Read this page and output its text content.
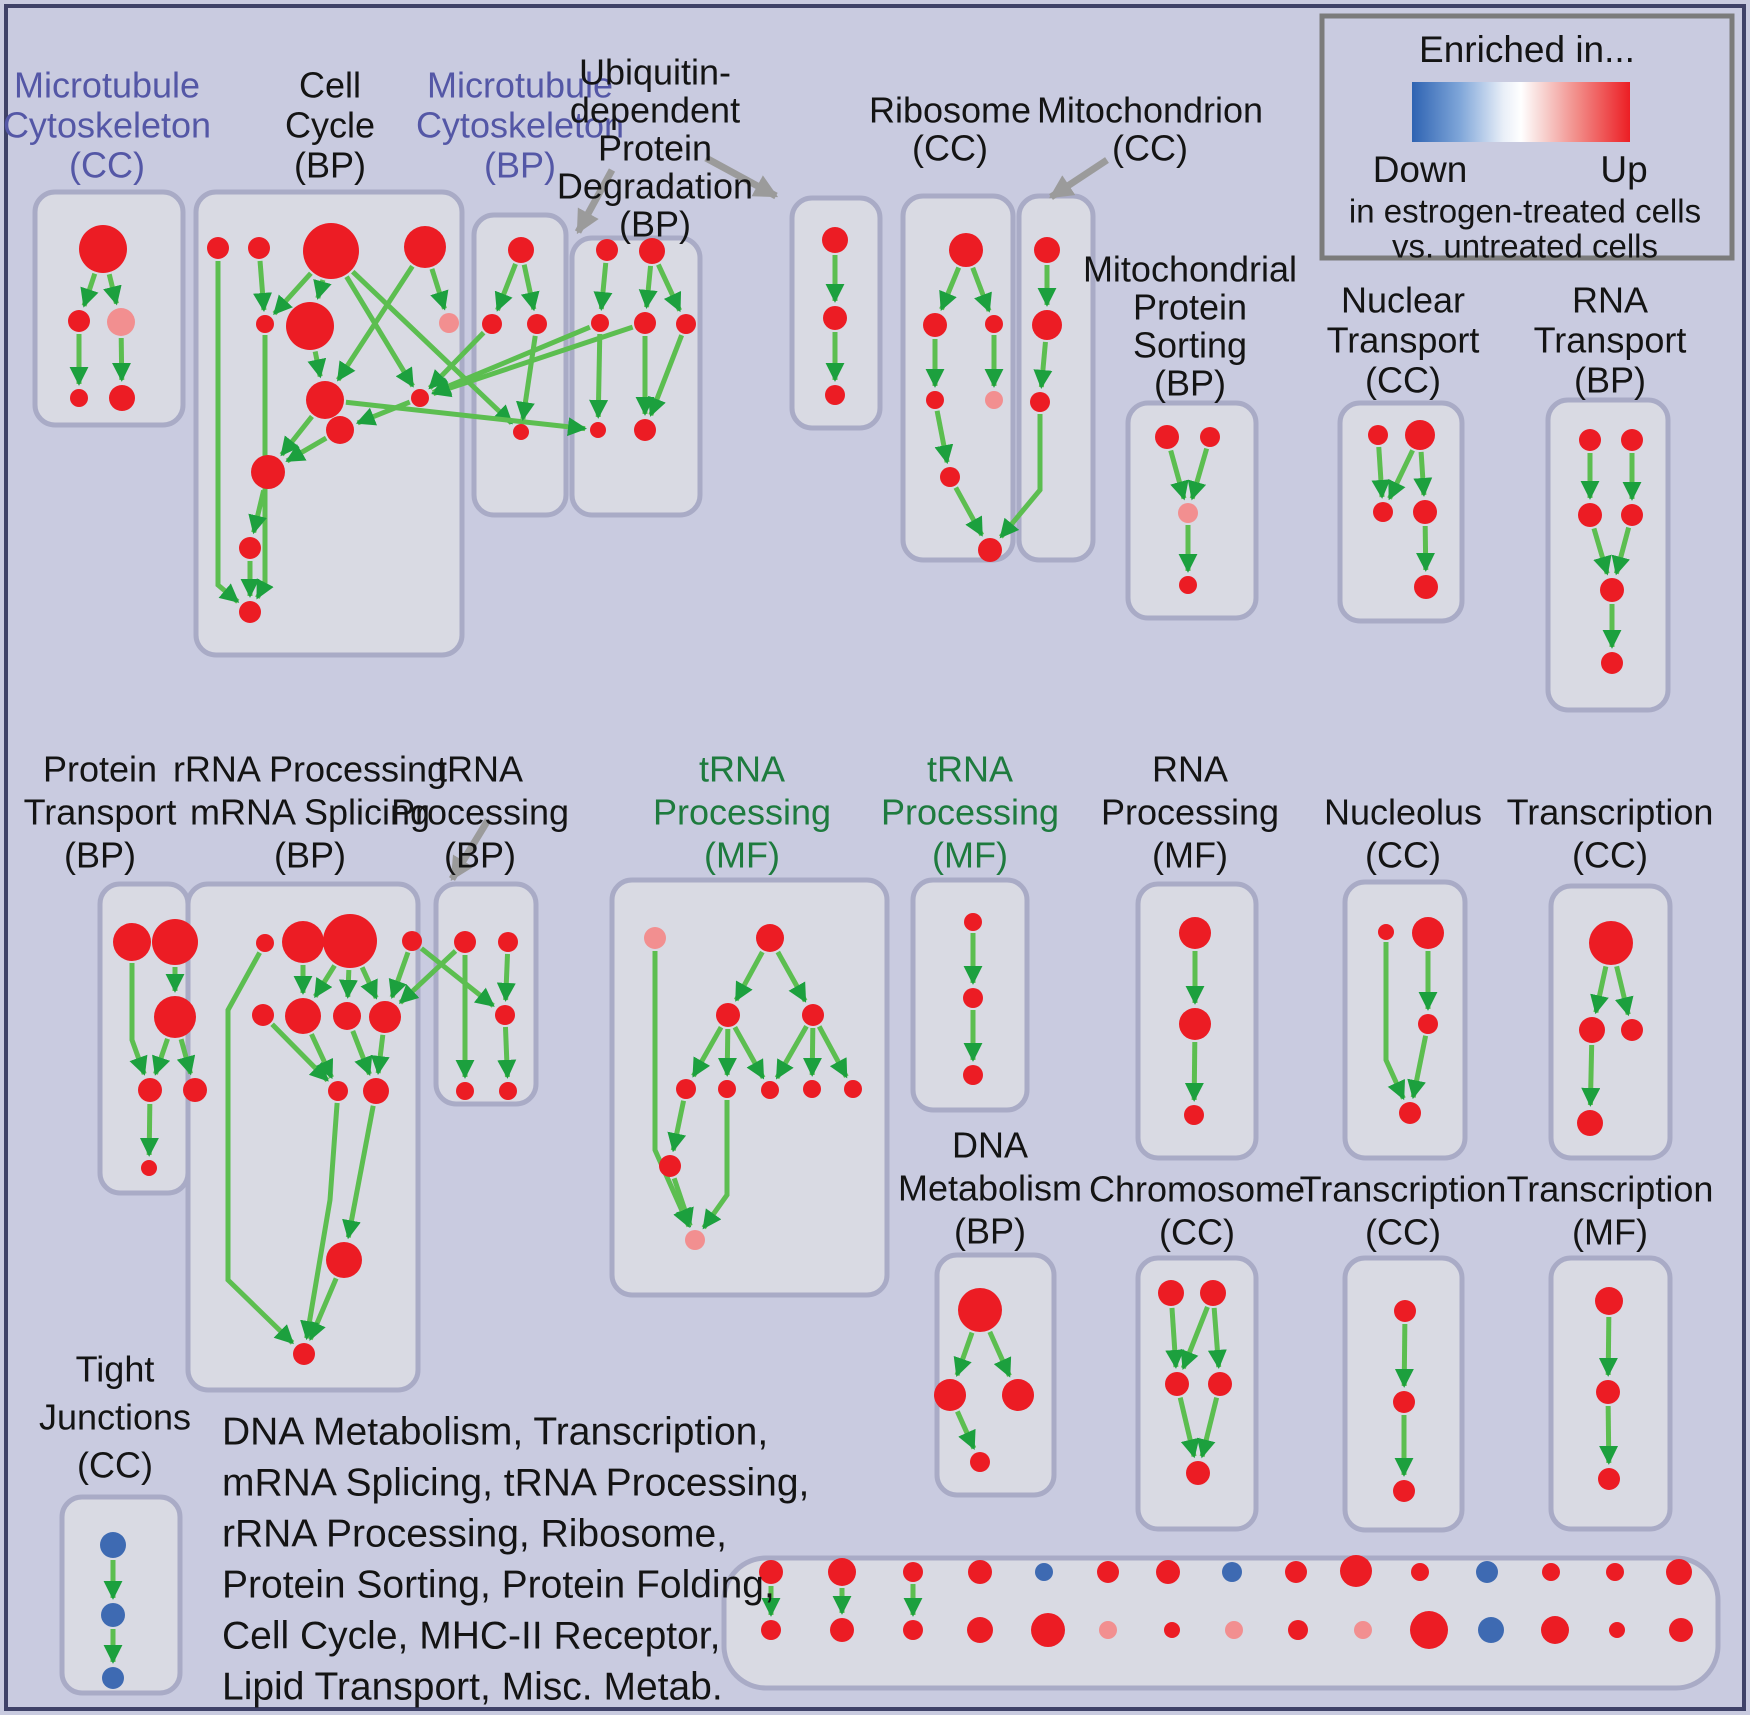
Microtubule
Cytoskeleton
(CC)
Cell
Cycle
(BP)
Microtubule
Cytoskeleton
(BP)
Ubiquitin-
dependent
Protein
Degradation
(BP)
Ribosome
(CC)
Mitochondrion
(CC)
Mitochondrial
Protein
Sorting
(BP)
Nuclear
Transport
(CC)
RNA
Transport
(BP)
Protein
Transport
(BP)
rRNA Processing
mRNA Splicing
(BP)
tRNA
Processing
(BP)
tRNA
Processing
(MF)
tRNA
Processing
(MF)
RNA
Processing
(MF)
Nucleolus
(CC)
Transcription
(CC)
DNA
Metabolism
(BP)
Chromosome
(CC)
Transcription
(CC)
Transcription
(MF)
Tight
Junctions
(CC)
DNA Metabolism, Transcription,
mRNA Splicing, tRNA Processing,
rRNA Processing, Ribosome,
Protein Sorting, Protein Folding,
Cell Cycle, MHC-II Receptor,
Lipid Transport, Misc. Metab.
Enriched in...
Down	Up
in estrogen-treated cells
vs. untreated cells
